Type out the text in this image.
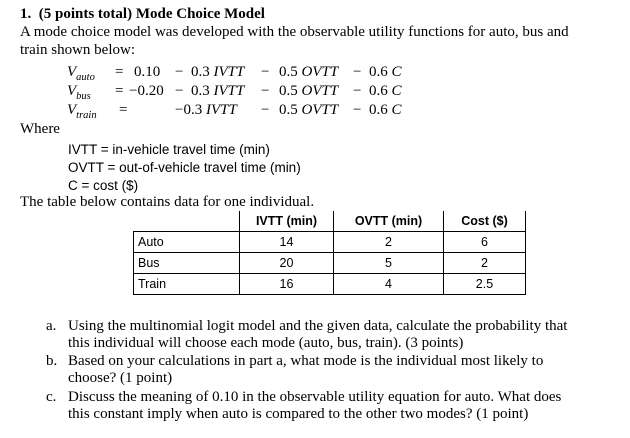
1. (5 points total) Mode Choice Model
A mode choice model was developed with the observable utility functions for auto, bus and
train shown below:
$V_{auto} = 0.10 - 0.3$ IVTT − 0.5 OVTT − 0.6 C
$V_{bus} = -0.20 - 0.3$ IVTT − 0.5 OVTT − 0.6 C
$V_{train}$ =	−0.3 IVTT − 0.5 OVTT − 0.6 C
Where
IVTT = in-vehicle travel time (min)
OVTT = out-of-vehicle travel time (min)
C = cost ($)
The table below contains data for one individual.
	IVTT (min)	OVTT (min)	Cost ($)
Auto	14	2	6
Bus	20	5	2
Train	16	4	2.5
a. Using the multinomial logit model and the given data, calculate the probability that
this individual will choose each mode (auto, bus, train). (3 points)
b. Based on your calculations in part a, what mode is the individual most likely to
choose? (1 point)
c. Discuss the meaning of 0.10 in the observable utility equation for auto. What does
this constant imply when auto is compared to the other two modes? (1 point)
